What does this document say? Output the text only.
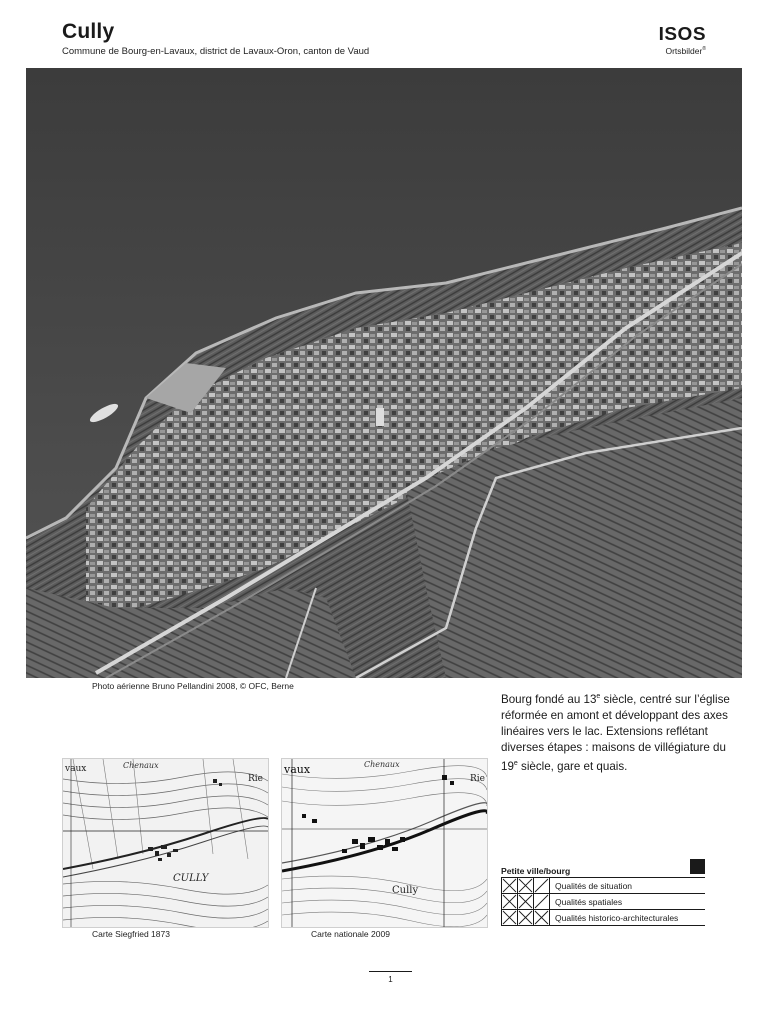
Cully
Commune de Bourg-en-Lavaux, district de Lavaux-Oron, canton de Vaud
ISOS
Ortsbilder®
Photo aérienne Bruno Pellandini 2008, © OFC, Berne
Bourg fondé au 13e siècle, centré sur l’église réformée en amont et développant des axes linéaires vers le lac. Extensions reflétant diverses étapes : maisons de villégiature du 19e siècle, gare et quais.
CULLY
Chenaux
vaux
Rie
Carte Siegfried 1873
Cully
Chenaux
vaux
Rie
Carte nationale 2009
Petite ville/bourg

	Qualités de situation

	Qualités spatiales

	Qualités historico-architecturales
1
